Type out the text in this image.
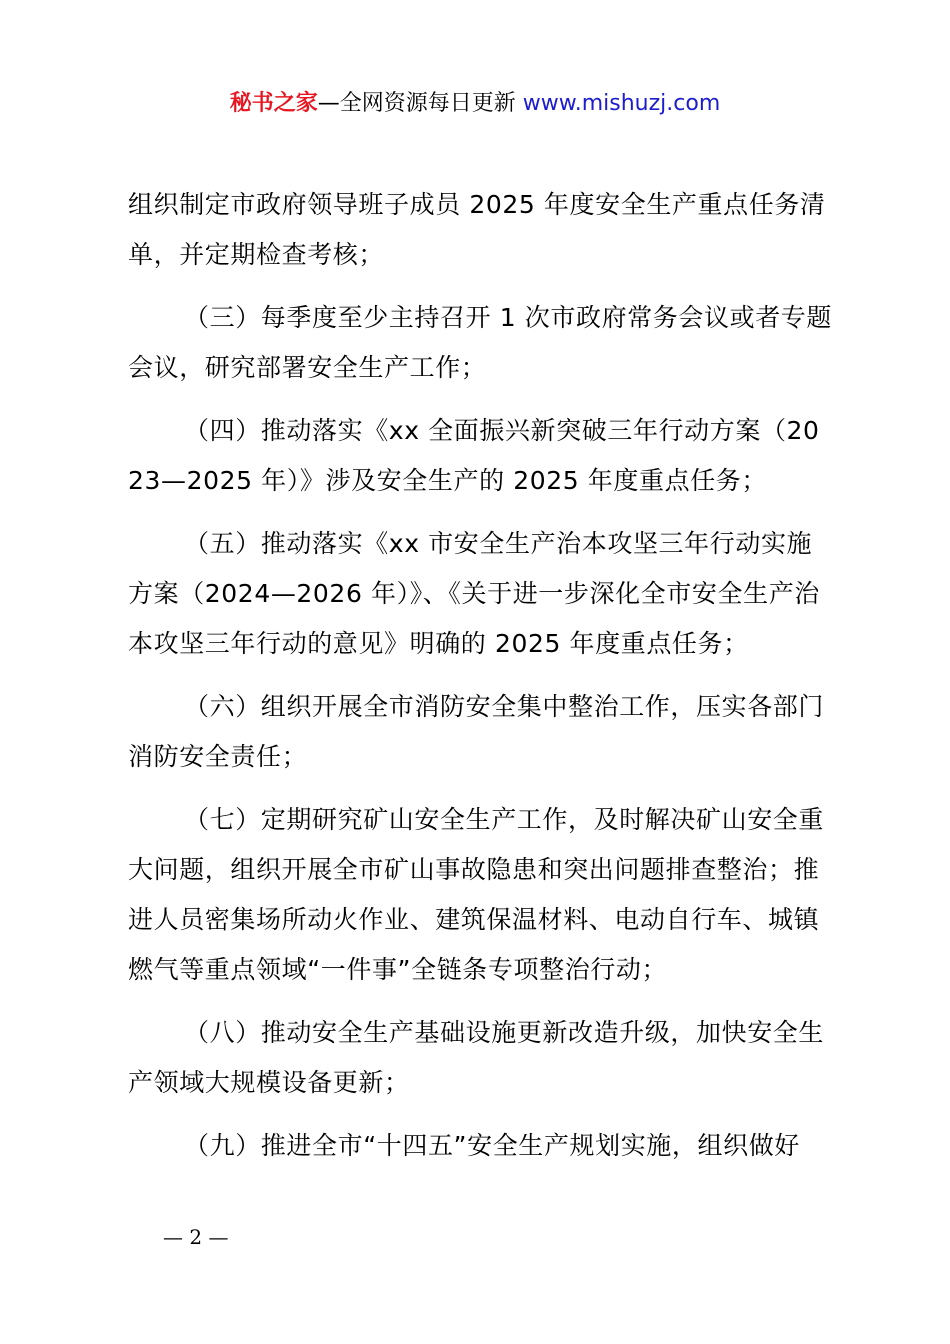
秘书之家—全网资源每日更新 www.mishuzj.com

组织制定市政府领导班子成员 2025 年度安全生产重点任务清单，并定期检查考核；

（三）每季度至少主持召开 1 次市政府常务会议或者专题会议，研究部署安全生产工作；

（四）推动落实《xx 全面振兴新突破三年行动方案（2023—2025 年）》涉及安全生产的 2025 年度重点任务；

（五）推动落实《xx 市安全生产治本攻坚三年行动实施方案（2024—2026 年）》、《关于进一步深化全市安全生产治本攻坚三年行动的意见》明确的 2025 年度重点任务；

（六）组织开展全市消防安全集中整治工作，压实各部门消防安全责任；

（七）定期研究矿山安全生产工作，及时解决矿山安全重大问题，组织开展全市矿山事故隐患和突出问题排查整治；推进人员密集场所动火作业、建筑保温材料、电动自行车、城镇燃气等重点领域“一件事”全链条专项整治行动；

（八）推动安全生产基础设施更新改造升级，加快安全生产领域大规模设备更新；

（九）推进全市“十四五”安全生产规划实施，组织做好

— 2 —
